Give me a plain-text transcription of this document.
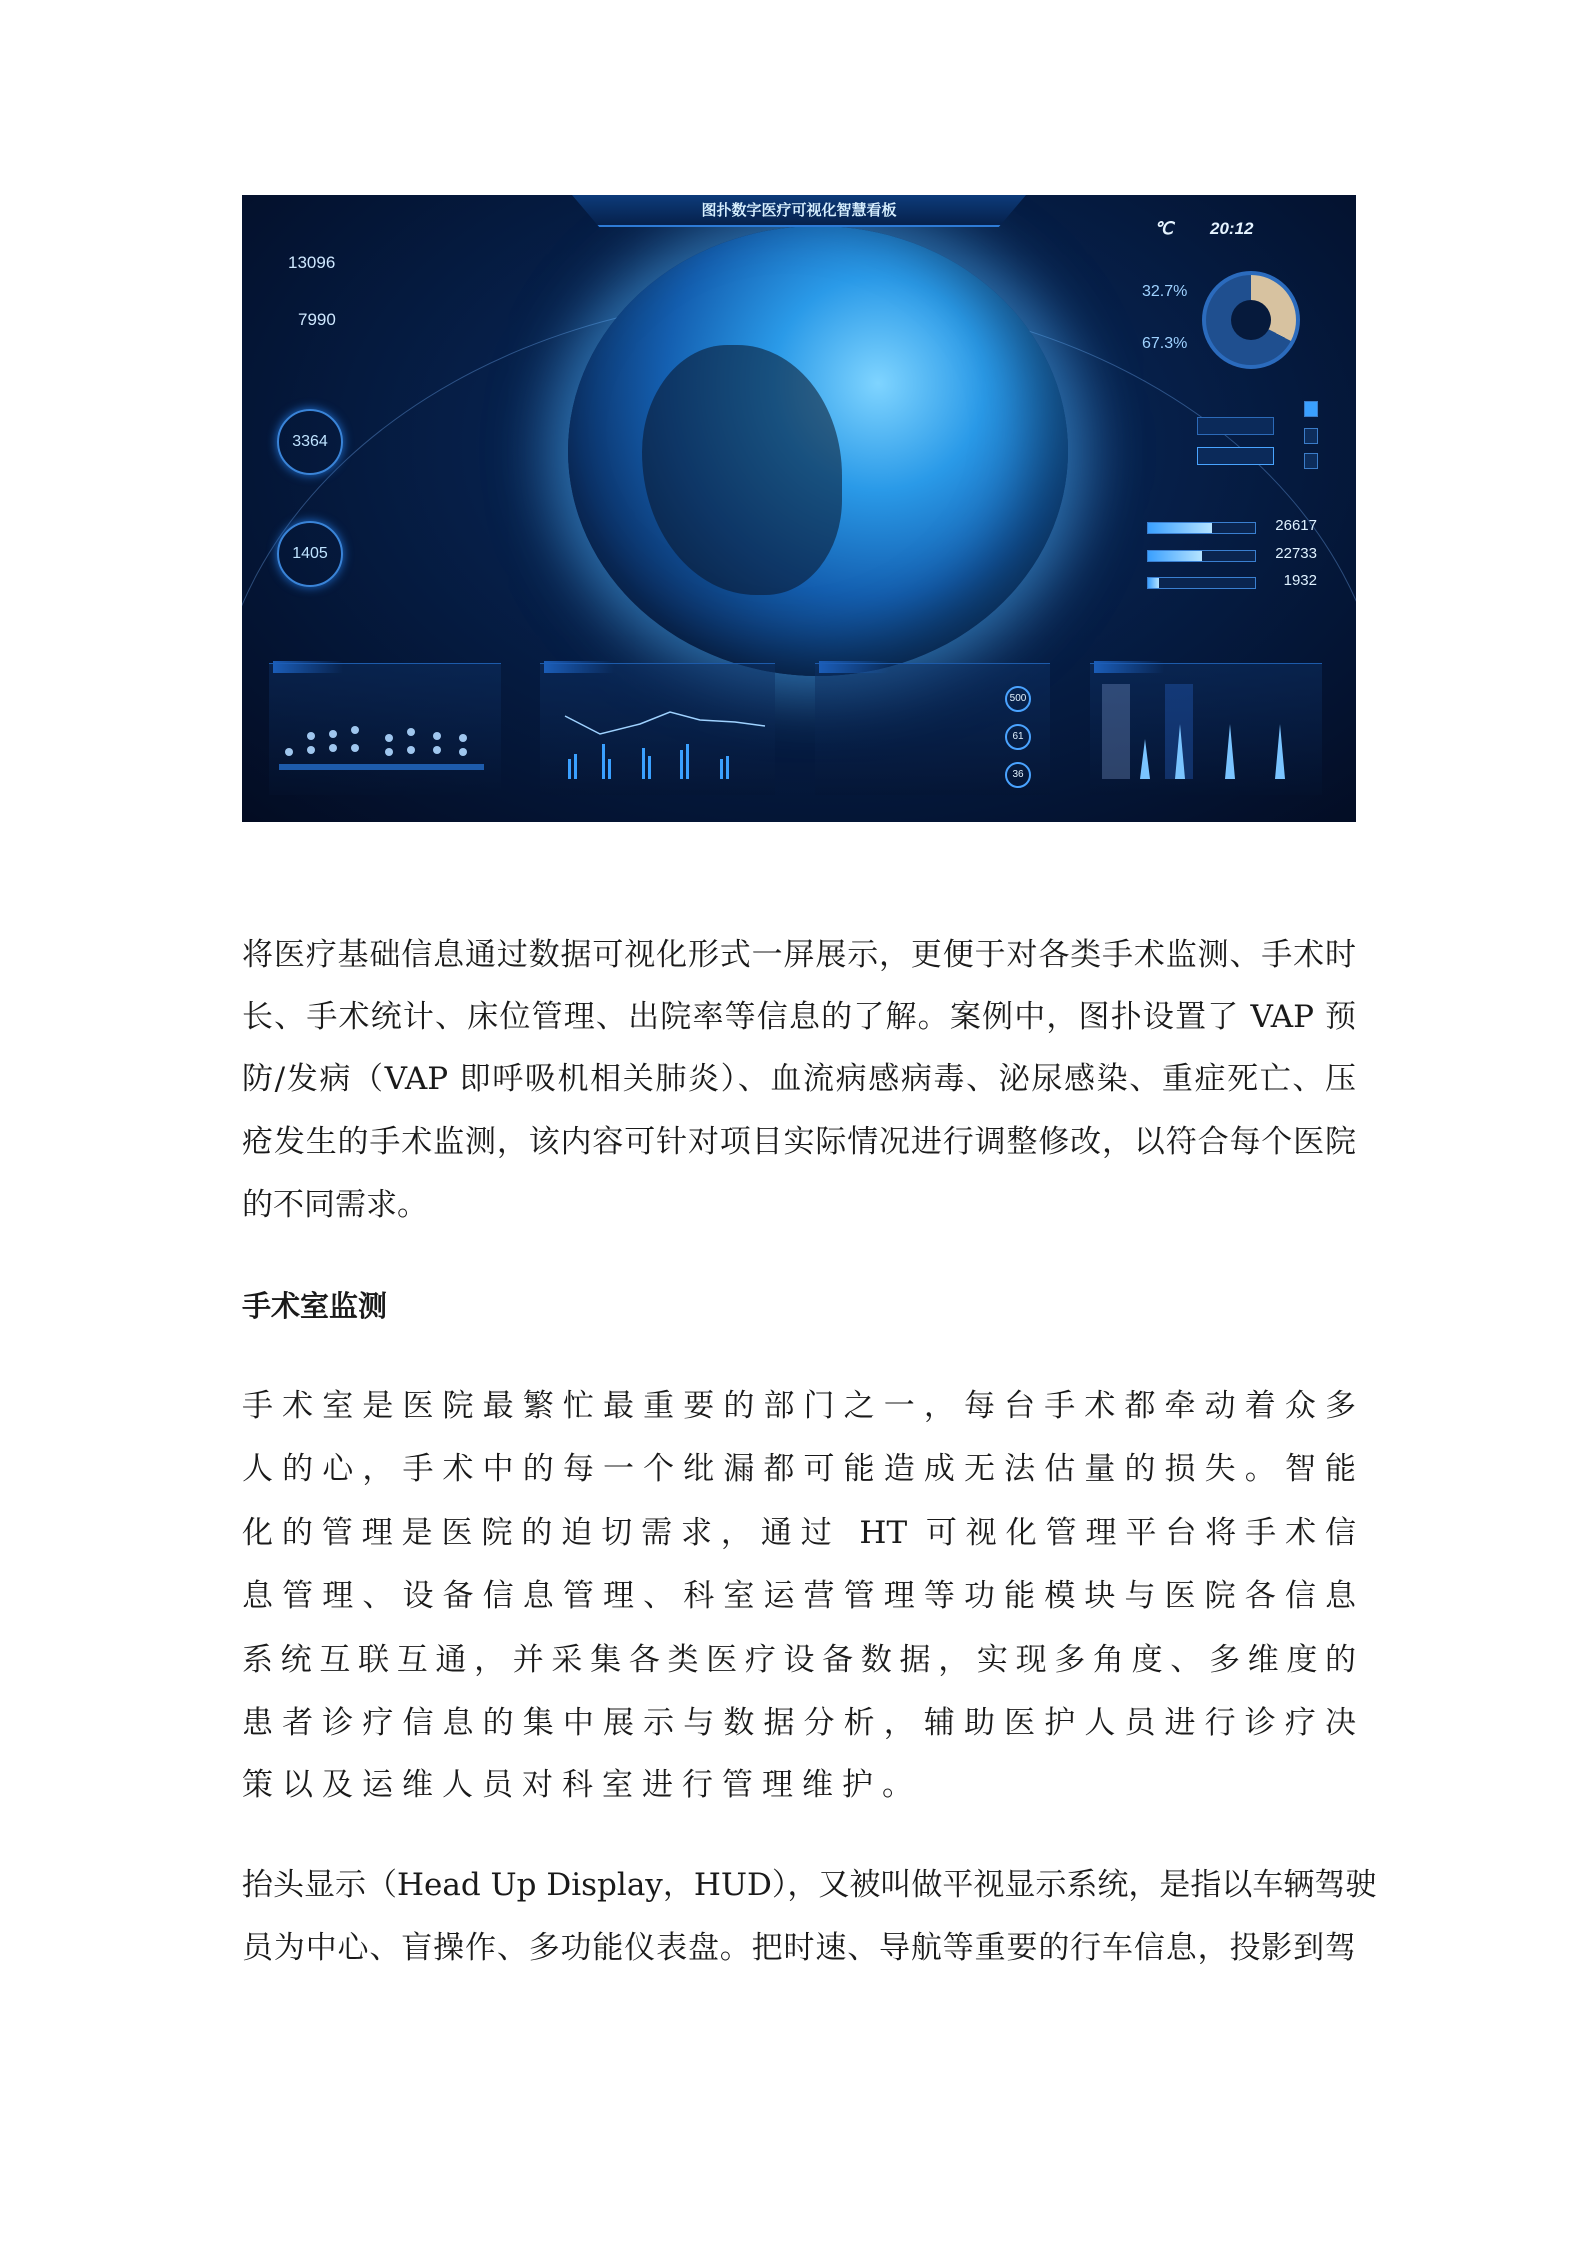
图扑数字医疗可视化智慧看板
13096
7990
3364
1405
℃ 20:12
32.7%
67.3%
26617
22733
1932
500
61
36
将医疗基础信息通过数据可视化形式一屏展示，更便于对各类手术监测、手术时
长、手术统计、床位管理、出院率等信息的了解。案例中，图扑设置了 VAP 预
防/发病（VAP 即呼吸机相关肺炎）、血流病感病毒、泌尿感染、重症死亡、压
疮发生的手术监测，该内容可针对项目实际情况进行调整修改，以符合每个医院
的不同需求。
手术室监测
手术室是医院最繁忙最重要的部门之一，每台手术都牵动着众多
人的心，手术中的每一个纰漏都可能造成无法估量的损失。智能
化的管理是医院的迫切需求，通过 HT 可视化管理平台将手术信
息管理、设备信息管理、科室运营管理等功能模块与医院各信息
系统互联互通，并采集各类医疗设备数据，实现多角度、多维度的
患者诊疗信息的集中展示与数据分析，辅助医护人员进行诊疗决
策以及运维人员对科室进行管理维护。
抬头显示（Head Up Display，HUD），又被叫做平视显示系统，是指以车辆驾驶
员为中心、盲操作、多功能仪表盘。把时速、导航等重要的行车信息，投影到驾
